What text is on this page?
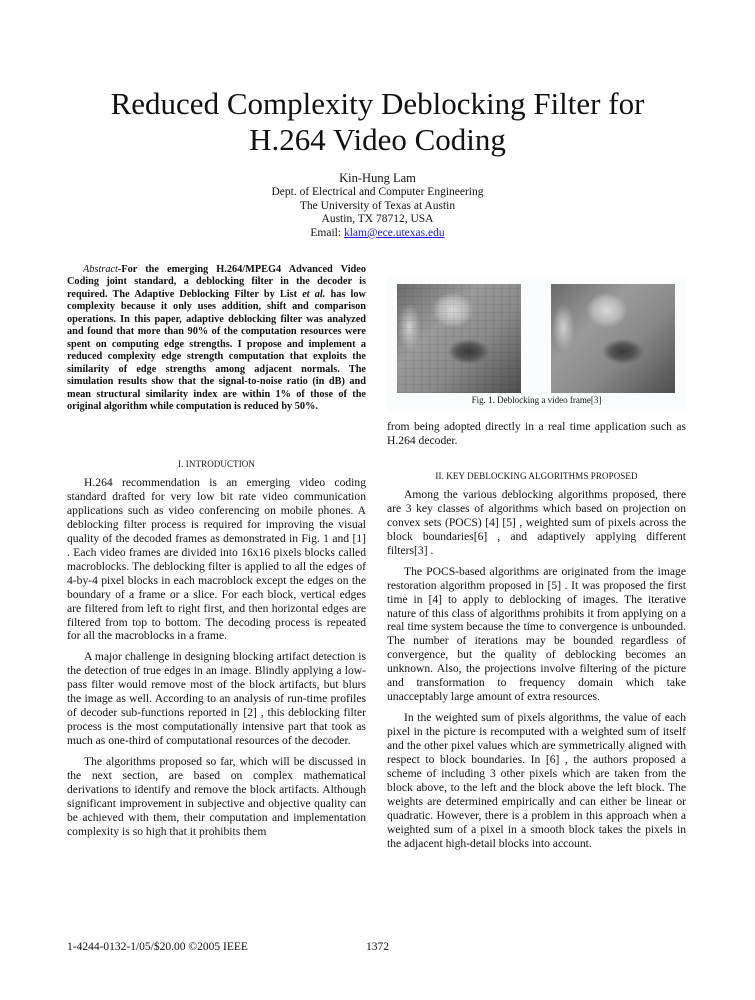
Reduced Complexity Deblocking Filter for
H.264 Video Coding
Kin-Hung Lam
Dept. of Electrical and Computer Engineering
The University of Texas at Austin
Austin, TX 78712, USA
Email: klam@ece.utexas.edu

Abstract-For the emerging H.264/MPEG4 Advanced Video Coding joint standard, a deblocking filter in the decoder is required. The Adaptive Deblocking Filter by List et al. has low complexity because it only uses addition, shift and comparison operations. In this paper, adaptive deblocking filter was analyzed and found that more than 90% of the computation resources were spent on computing edge strengths. I propose and implement a reduced complexity edge strength computation that exploits the similarity of edge strengths among adjacent normals. The simulation results show that the signal-to-noise ratio (in dB) and mean structural similarity index are within 1% of those of the original algorithm while computation is reduced by 50%.

I. INTRODUCTION

H.264 recommendation is an emerging video coding standard drafted for very low bit rate video communication applications such as video conferencing on mobile phones. A deblocking filter process is required for improving the visual quality of the decoded frames as demonstrated in Fig. 1 and [1] . Each video frames are divided into 16x16 pixels blocks called macroblocks. The deblocking filter is applied to all the edges of 4-by-4 pixel blocks in each macroblock except the edges on the boundary of a frame or a slice. For each block, vertical edges are filtered from left to right first, and then horizontal edges are filtered from top to bottom. The decoding process is repeated for all the macroblocks in a frame.

A major challenge in designing blocking artifact detection is the detection of true edges in an image. Blindly applying a low-pass filter would remove most of the block artifacts, but blurs the image as well. According to an analysis of run-time profiles of decoder sub-functions reported in [2] , this deblocking filter process is the most computationally intensive part that took as much as one-third of computational resources of the decoder.

The algorithms proposed so far, which will be discussed in the next section, are based on complex mathematical derivations to identify and remove the block artifacts. Although significant improvement in subjective and objective quality can be achieved with them, their computation and implementation complexity is so high that it prohibits them

Fig. 1. Deblocking a video frame[3]

from being adopted directly in a real time application such as H.264 decoder.

II. KEY DEBLOCKING ALGORITHMS PROPOSED

Among the various deblocking algorithms proposed, there are 3 key classes of algorithms which based on projection on convex sets (POCS) [4] [5] , weighted sum of pixels across the block boundaries[6] , and adaptively applying different filters[3] .

The POCS-based algorithms are originated from the image restoration algorithm proposed in [5] . It was proposed the first time in [4] to apply to deblocking of images. The iterative nature of this class of algorithms prohibits it from applying on a real time system because the time to convergence is unbounded. The number of iterations may be bounded regardless of convergence, but the quality of deblocking becomes an unknown. Also, the projections involve filtering of the picture and transformation to frequency domain which take unacceptably large amount of extra resources.

In the weighted sum of pixels algorithms, the value of each pixel in the picture is recomputed with a weighted sum of itself and the other pixel values which are symmetrically aligned with respect to block boundaries. In [6] , the authors proposed a scheme of including 3 other pixels which are taken from the block above, to the left and the block above the left block. The weights are determined empirically and can either be linear or quadratic. However, there is a problem in this approach when a weighted sum of a pixel in a smooth block takes the pixels in the adjacent high-detail blocks into account.

1-4244-0132-1/05/$20.00 ©2005 IEEE	1372
